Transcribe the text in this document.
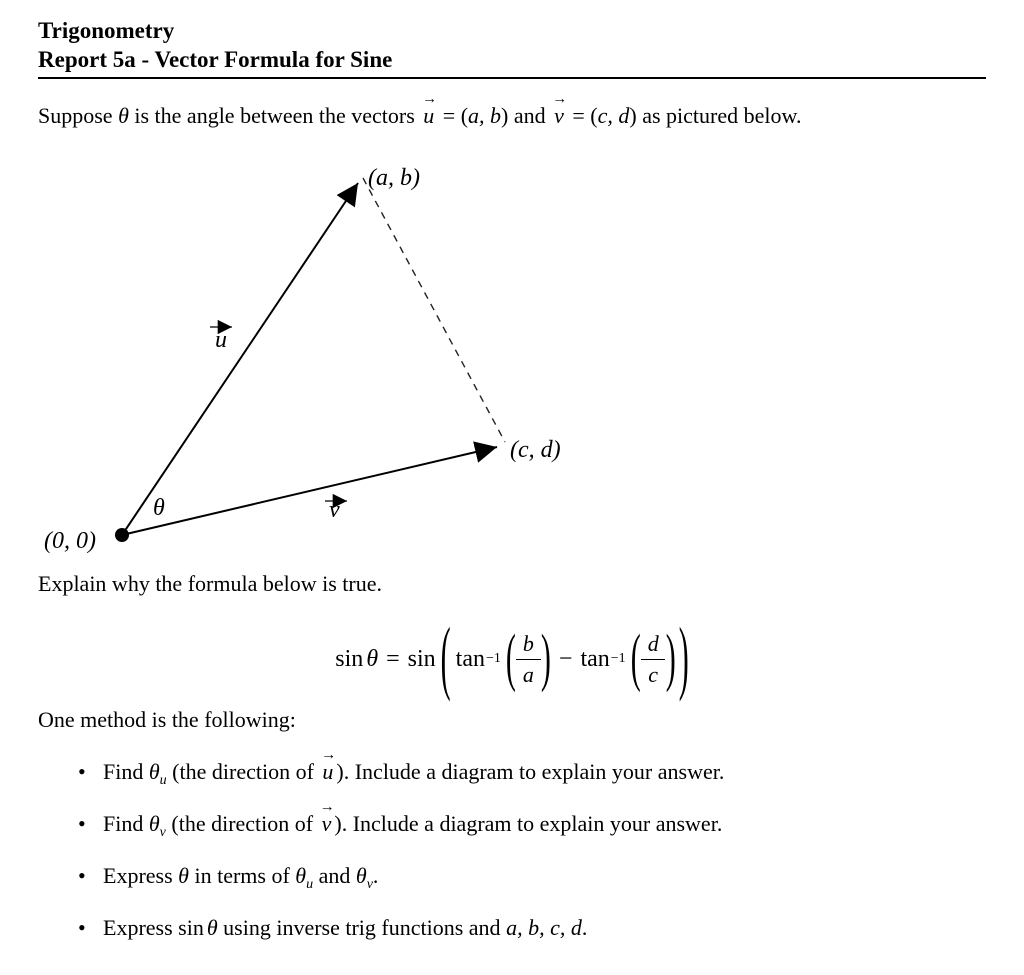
Trigonometry
Report 5a - Vector Formula for Sine

Suppose θ is the angle between the vectors
→
u = (a, b) and
→
v = (c, d) as pictured below.

(a, b)
(c, d)
(0, 0)
θ
u
v

Explain why the formula below is true.

sin θ = sin ( tan −1 ( $\frac{b}{a}$ ) − tan −1 ( $\frac{d}{c}$ ) )

One method is the following:

• Find $\theta_u$ (the direction of
→
u ). Include a diagram to explain your answer.
• Find $\theta_v$ (the direction of
→
v ). Include a diagram to explain your answer.
• Express θ in terms of $\theta_u$ and $\theta_v$.
• Express sin θ using inverse trig functions and a, b, c, d.
